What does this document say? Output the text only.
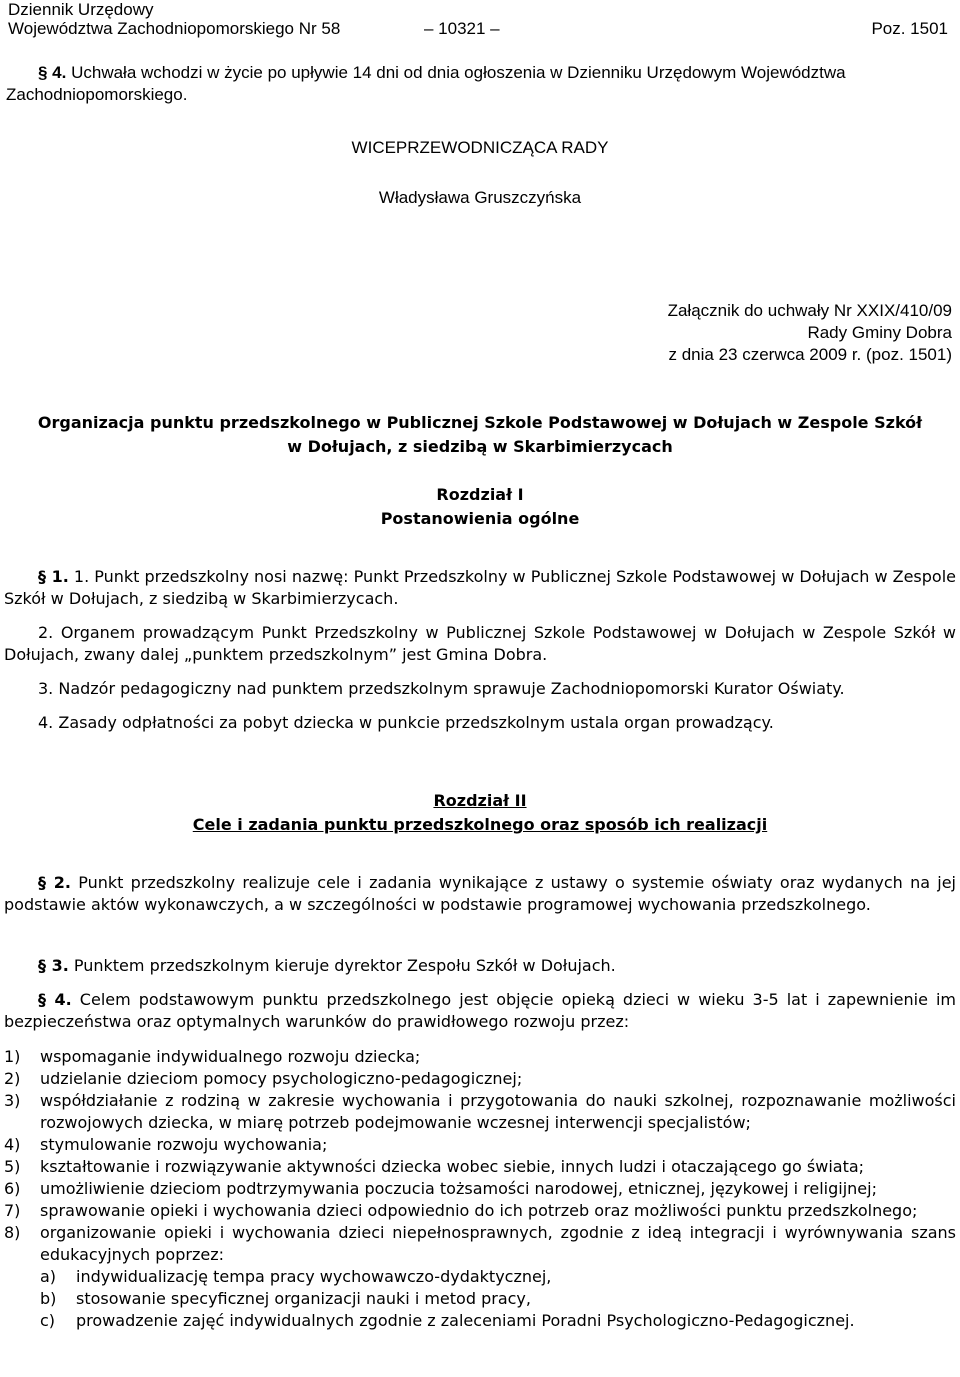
Dziennik Urzędowy
Województwa Zachodniopomorskiego Nr 58	– 10321 –	Poz. 1501
§ 4. Uchwała wchodzi w życie po upływie 14 dni od dnia ogłoszenia w Dzienniku Urzędowym Województwa Zachodniopomorskiego.
WICEPRZEWODNICZĄCA RADY
Władysława Gruszczyńska
Załącznik do uchwały Nr XXIX/410/09
Rady Gminy Dobra
z dnia 23 czerwca 2009 r. (poz. 1501)
Organizacja punktu przedszkolnego w Publicznej Szkole Podstawowej w Dołujach w Zespole Szkół
w Dołujach, z siedzibą w Skarbimierzycach
Rozdział I
Postanowienia ogólne
§ 1. 1. Punkt przedszkolny nosi nazwę: Punkt Przedszkolny w Publicznej Szkole Podstawowej w Dołujach w Zespole Szkół w Dołujach, z siedzibą w Skarbimierzycach.
2. Organem prowadzącym Punkt Przedszkolny w Publicznej Szkole Podstawowej w Dołujach w Zespole Szkół w Dołujach, zwany dalej „punktem przedszkolnym” jest Gmina Dobra.
3. Nadzór pedagogiczny nad punktem przedszkolnym sprawuje Zachodniopomorski Kurator Oświaty.
4. Zasady odpłatności za pobyt dziecka w punkcie przedszkolnym ustala organ prowadzący.
Rozdział II
Cele i zadania punktu przedszkolnego oraz sposób ich realizacji
§ 2. Punkt przedszkolny realizuje cele i zadania wynikające z ustawy o systemie oświaty oraz wydanych na jej podstawie aktów wykonawczych, a w szczególności w podstawie programowej wychowania przedszkolnego.
§ 3. Punktem przedszkolnym kieruje dyrektor Zespołu Szkół w Dołujach.
§ 4. Celem podstawowym punktu przedszkolnego jest objęcie opieką dzieci w wieku 3-5 lat i zapewnienie im bezpieczeństwa oraz optymalnych warunków do prawidłowego rozwoju przez:
1)	wspomaganie indywidualnego rozwoju dziecka;
2)	udzielanie dzieciom pomocy psychologiczno-pedagogicznej;
3)	współdziałanie z rodziną w zakresie wychowania i przygotowania do nauki szkolnej, rozpoznawanie możliwości rozwojowych dziecka, w miarę potrzeb podejmowanie wczesnej interwencji specjalistów;
4)	stymulowanie rozwoju wychowania;
5)	kształtowanie i rozwiązywanie aktywności dziecka wobec siebie, innych ludzi i otaczającego go świata;
6)	umożliwienie dzieciom podtrzymywania poczucia tożsamości narodowej, etnicznej, językowej i religijnej;
7)	sprawowanie opieki i wychowania dzieci odpowiednio do ich potrzeb oraz możliwości punktu przedszkolnego;
8)	organizowanie opieki i wychowania dzieci niepełnosprawnych, zgodnie z ideą integracji i wyrównywania szans edukacyjnych poprzez:
a)	indywidualizację tempa pracy wychowawczo-dydaktycznej,
b)	stosowanie specyficznej organizacji nauki i metod pracy,
c)	prowadzenie zajęć indywidualnych zgodnie z zaleceniami Poradni Psychologiczno-Pedagogicznej.
